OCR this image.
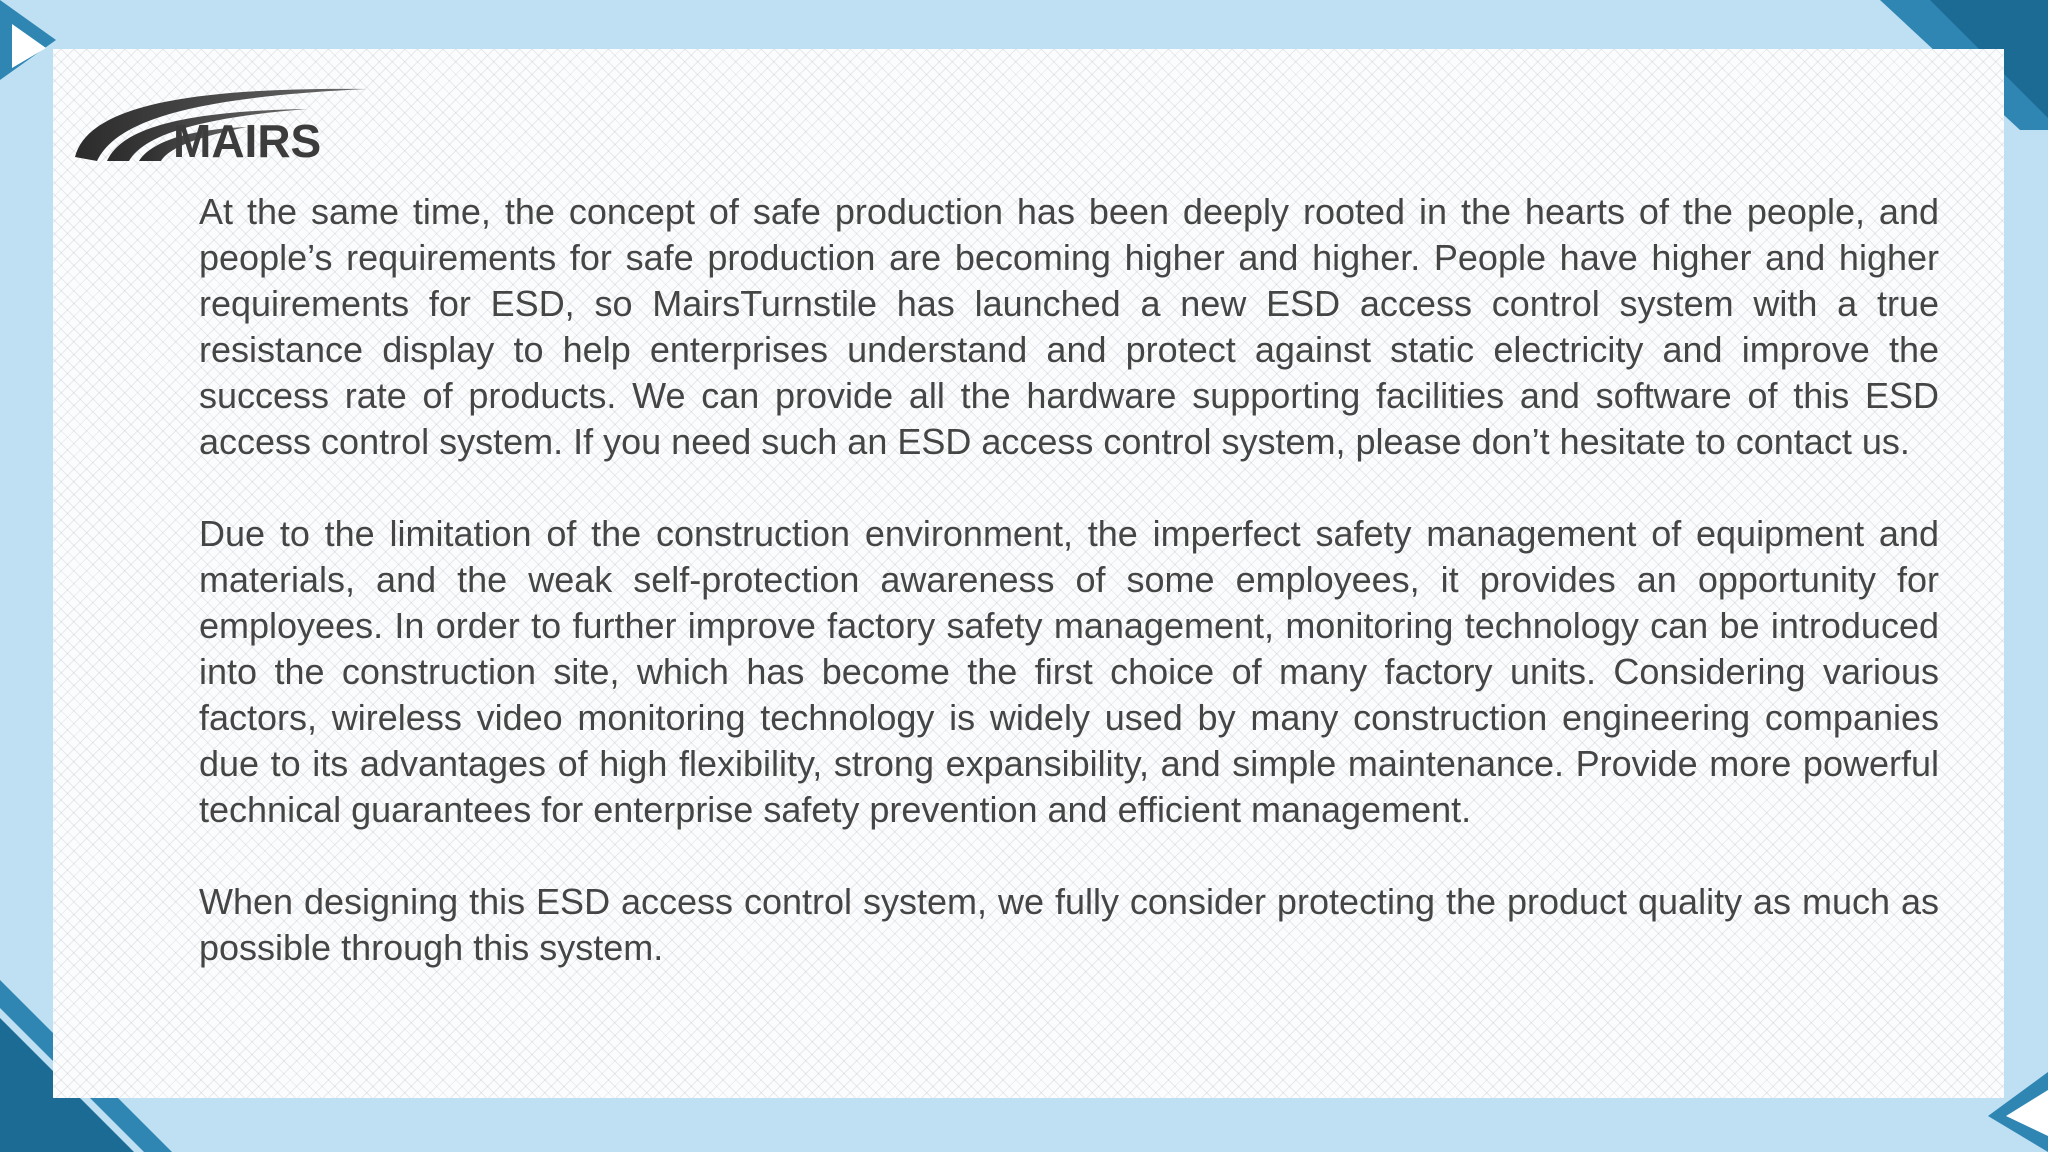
MAIRS

At the same time, the concept of safe production has been deeply rooted in the hearts of the people, and people’s requirements for safe production are becoming higher and higher. People have higher and higher requirements for ESD, so MairsTurnstile has launched a new ESD access control system with a true resistance display to help enterprises understand and protect against static electricity and improve the success rate of products. We can provide all the hardware supporting facilities and software of this ESD access control system. If you need such an ESD access control system, please don’t hesitate to contact us.

Due to the limitation of the construction environment, the imperfect safety management of equipment and materials, and the weak self-protection awareness of some employees, it provides an opportunity for employees. In order to further improve factory safety management, monitoring technology can be introduced into the construction site, which has become the first choice of many factory units. Considering various factors, wireless video monitoring technology is widely used by many construction engineering companies due to its advantages of high flexibility, strong expansibility, and simple maintenance. Provide more powerful technical guarantees for enterprise safety prevention and efficient management.

When designing this ESD access control system, we fully consider protecting the product quality as much as possible through this system.
